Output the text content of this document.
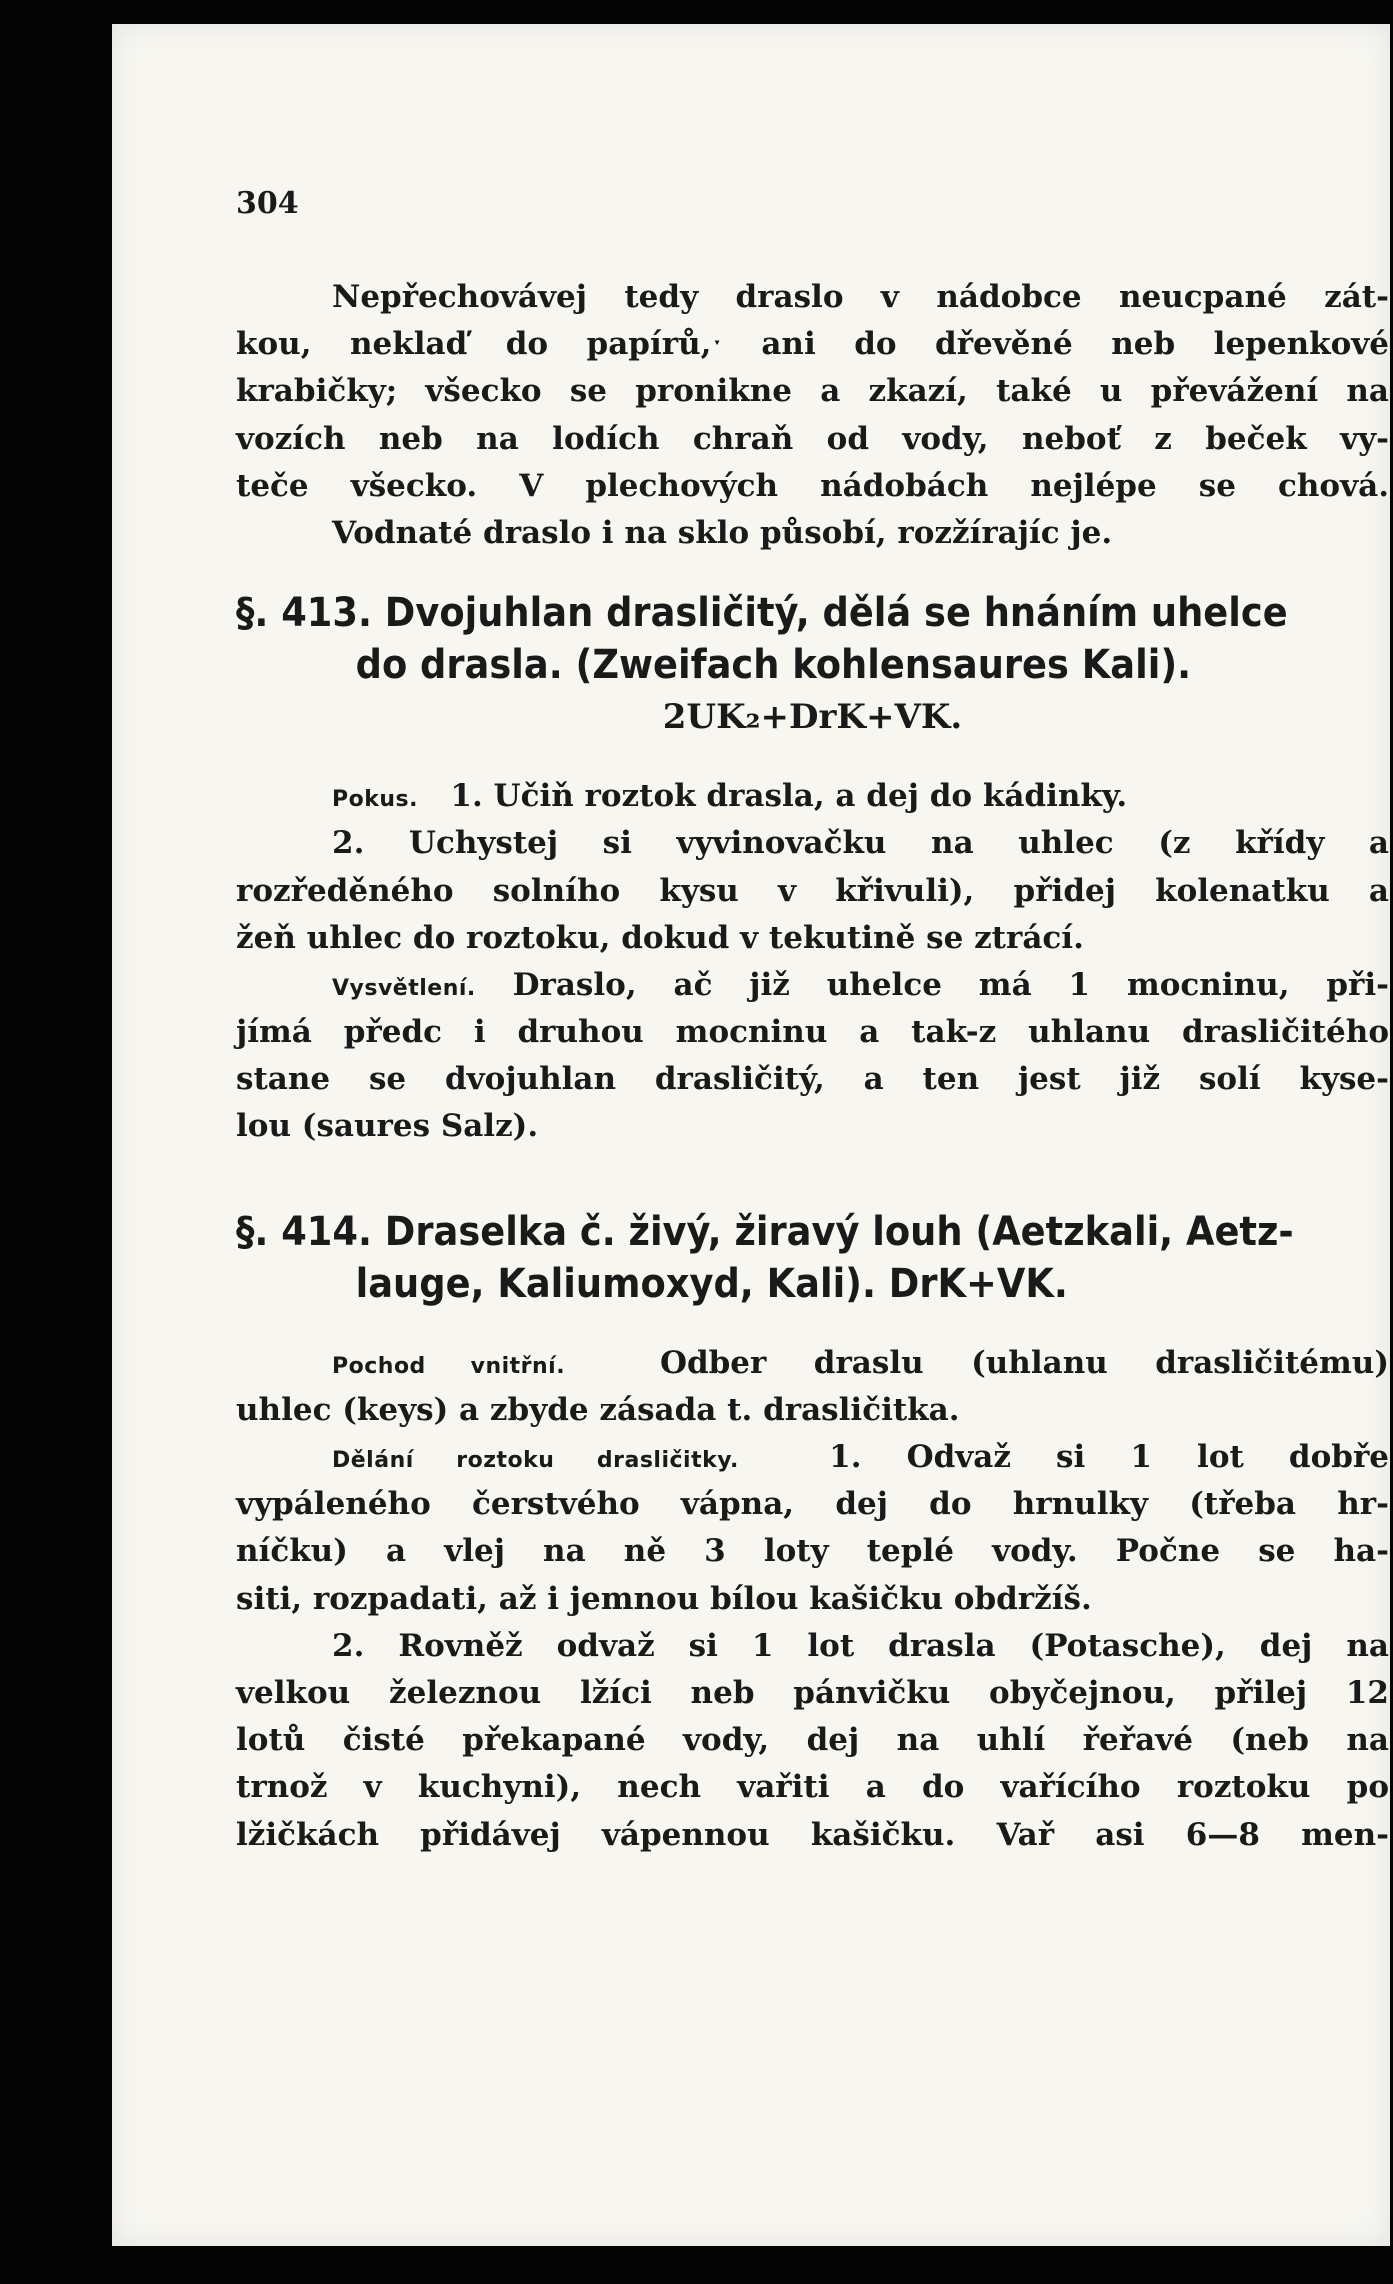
304

Nepřechovávej tedy draslo v nádobce neucpané zát-

kou, neklaď do papírů,ˑ ani do dřevěné neb lepenkové

krabičky; všecko se pronikne a zkazí, také u převážení na

vozích neb na lodích chraň od vody, neboť z beček vy-

teče všecko. V plechových nádobách nejlépe se chová.

Vodnaté draslo i na sklo působí, rozžírajíc je.

§. 413. Dvojuhlan drasličitý, dělá se hnáním uhelce

do drasla. (Zweifach kohlensaures Kali).

2UK₂+DrK+VK.

Pokus. 1. Učiň roztok drasla, a dej do kádinky.

2. Uchystej si vyvinovačku na uhlec (z křídy a

rozředěného solního kysu v křivuli), přidej kolenatku a

žeň uhlec do roztoku, dokud v tekutině se ztrácí.

Vysvětlení. Draslo, ač již uhelce má 1 mocninu, při-

jímá předc i druhou mocninu a tak-z uhlanu drasličitého

stane se dvojuhlan drasličitý, a ten jest již solí kyse-

lou (saures Salz).

§. 414. Draselka č. živý, žiravý louh (Aetzkali, Aetz-

lauge, Kaliumoxyd, Kali). DrK+VK.

Pochod vnitřní.	Odber draslu (uhlanu drasličitému)

uhlec (keys) a zbyde zásada t. drasličitka.

Dělání roztoku drasličitky.	1. Odvaž si 1 lot dobře

vypáleného čerstvého vápna, dej do hrnulky (třeba hr-

níčku) a vlej na ně 3 loty teplé vody. Počne se ha-

siti, rozpadati, až i jemnou bílou kašičku obdržíš.

2. Rovněž odvaž si 1 lot drasla (Potasche), dej na

velkou železnou lžíci neb pánvičku obyčejnou, přilej 12

lotů čisté překapané vody, dej na uhlí řeřavé (neb na

trnož v kuchyni), nech vařiti a do vařícího roztoku po

lžičkách přidávej vápennou kašičku. Vař asi 6—8 men-
